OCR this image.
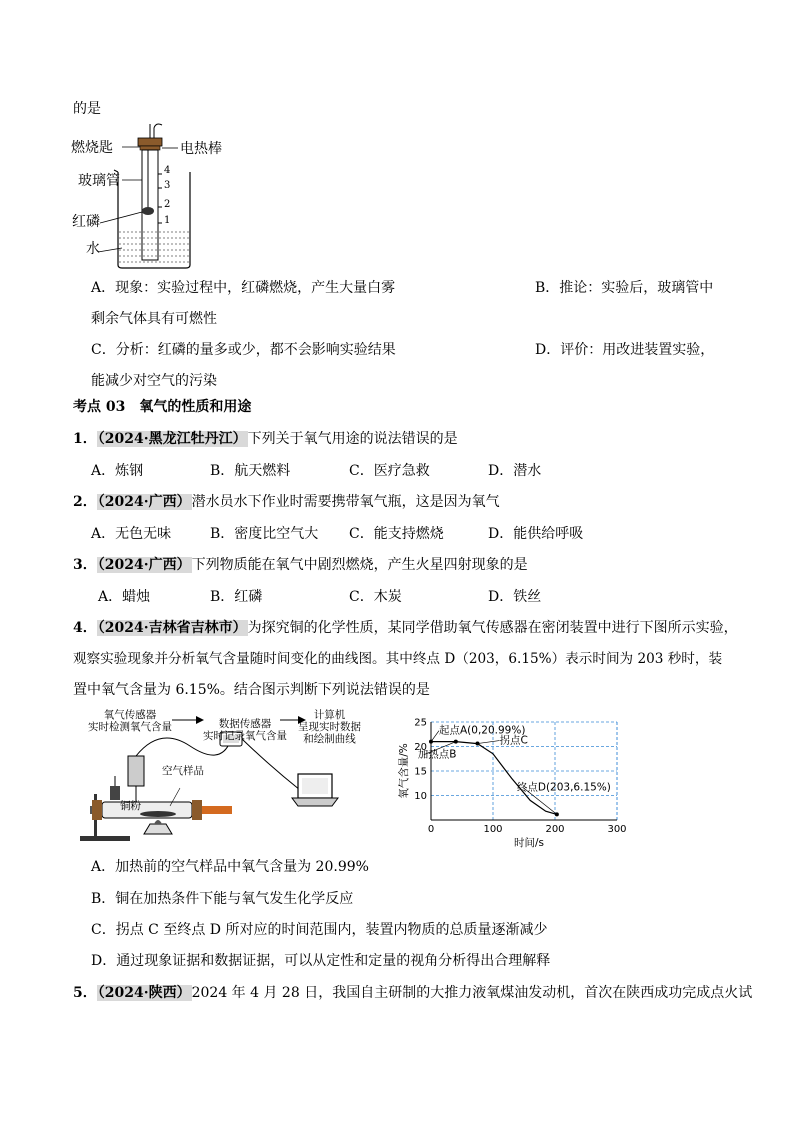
的是
燃烧匙	电热棒
玻璃管
红磷
水
4
3
2
1
A．现象：实验过程中，红磷燃烧，产生大量白雾	B．推论：实验后，玻璃管中
剩余气体具有可燃性
C．分析：红磷的量多或少，都不会影响实验结果	D．评价：用改进装置实验，
能减少对空气的污染
考点 03　氧气的性质和用途
1．（2024·黑龙江牡丹江）下列关于氧气用途的说法错误的是
A．炼钢	B．航天燃料	C．医疗急救	D．潜水
2．（2024·广西）潜水员水下作业时需要携带氧气瓶，这是因为氧气
A．无色无味	B．密度比空气大 C．能支持燃烧	D．能供给呼吸
3．（2024·广西）下列物质能在氧气中剧烈燃烧，产生火星四射现象的是
A．蜡烛	B．红磷	C．木炭	D．铁丝
4．（2024·吉林省吉林市）为探究铜的化学性质，某同学借助氧气传感器在密闭装置中进行下图所示实验，
观察实验现象并分析氧气含量随时间变化的曲线图。其中终点 D（203，6.15%）表示时间为 203 秒时，装
置中氧气含量为 6.15%。结合图示判断下列说法错误的是
氧气传感器
实时检测氧气含量	数据传感器
实时记录氧气含量
计算机
呈现实时数据
和绘制曲线
空气样品
铜粉
0	100	200	300
10
15
20
25
起点A(0,20.99%)
拐点C
加热点B
终点D(203,6.15%)
时间/s
氧气含量/%
A．加热前的空气样品中氧气含量为 20.99%
B．铜在加热条件下能与氧气发生化学反应
C．拐点 C 至终点 D 所对应的时间范围内，装置内物质的总质量逐渐减少
D．通过现象证据和数据证据，可以从定性和定量的视角分析得出合理解释
5．（2024·陕西）2024 年 4 月 28 日，我国自主研制的大推力液氧煤油发动机，首次在陕西成功完成点火试
